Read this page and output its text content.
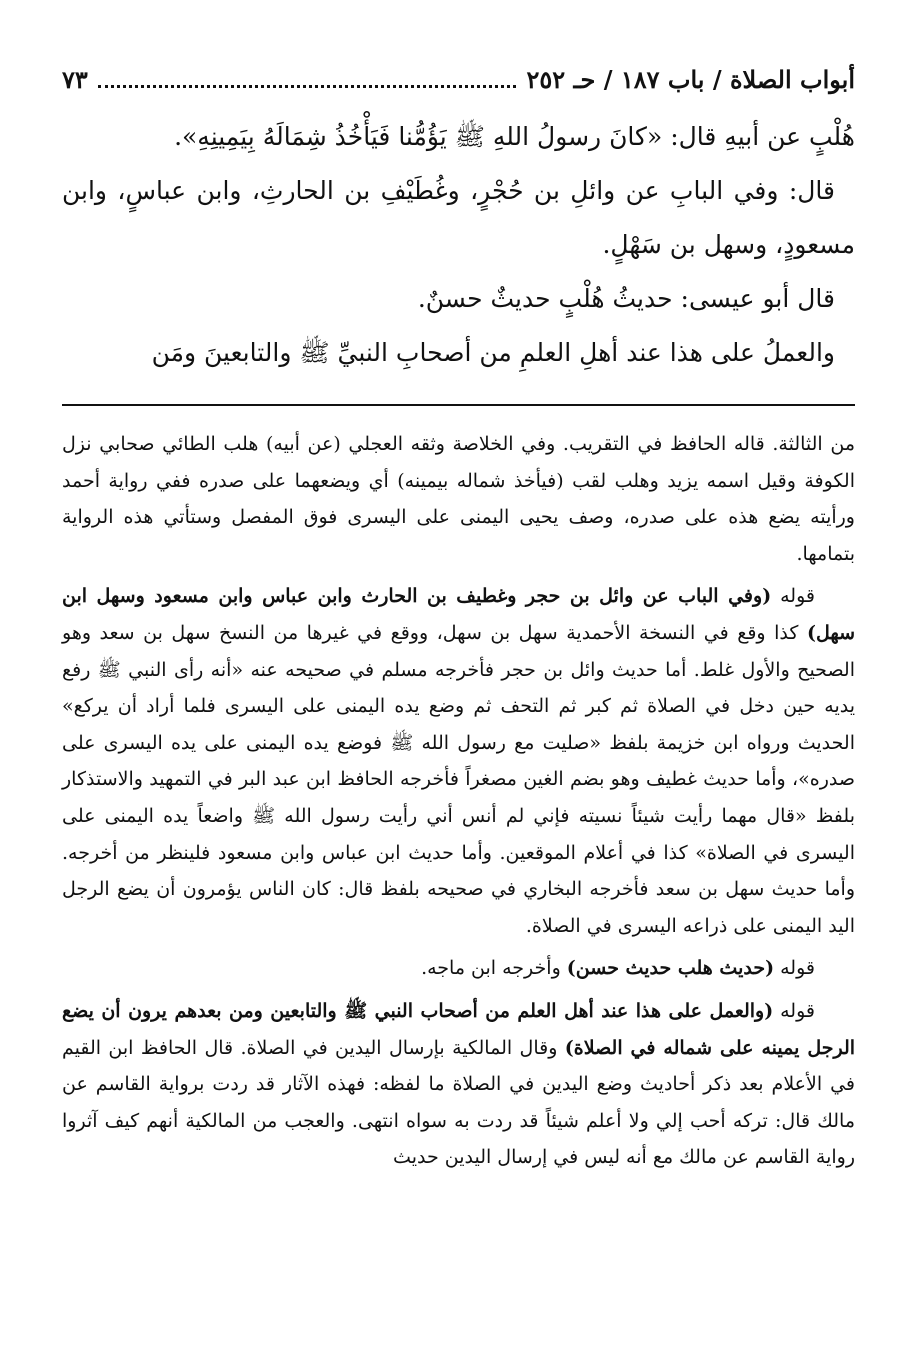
أبواب الصلاة / باب ١٨٧ / حـ ٢٥٢
٧٣

هُلْبٍ عن أبيهِ قال: «كانَ رسولُ اللهِ ﷺ يَؤُمُّنا فَيَأْخُذُ شِمَالَهُ بِيَمِينِهِ».

قال: وفي البابِ عن وائلِ بن حُجْرٍ، وغُطَيْفِ بن الحارثِ، وابن عباسٍ، وابن مسعودٍ، وسهل بن سَهْلٍ.

قال أبو عيسى: حديثُ هُلْبٍ حديثٌ حسنٌ.

والعملُ على هذا عند أهلِ العلمِ من أصحابِ النبيِّ ﷺ والتابعينَ ومَن

من الثالثة. قاله الحافظ في التقريب. وفي الخلاصة وثقه العجلي (عن أبيه) هلب الطائي صحابي نزل الكوفة وقيل اسمه يزيد وهلب لقب (فيأخذ شماله بيمينه) أي ويضعهما على صدره ففي رواية أحمد ورأيته يضع هذه على صدره، وصف يحيى اليمنى على اليسرى فوق المفصل وستأتي هذه الرواية بتمامها.

قوله (وفي الباب عن وائل بن حجر وغطيف بن الحارث وابن عباس وابن مسعود وسهل ابن سهل) كذا وقع في النسخة الأحمدية سهل بن سهل، ووقع في غيرها من النسخ سهل بن سعد وهو الصحيح والأول غلط. أما حديث وائل بن حجر فأخرجه مسلم في صحيحه عنه «أنه رأى النبي ﷺ رفع يديه حين دخل في الصلاة ثم كبر ثم التحف ثم وضع يده اليمنى على اليسرى فلما أراد أن يركع» الحديث ورواه ابن خزيمة بلفظ «صليت مع رسول الله ﷺ فوضع يده اليمنى على يده اليسرى على صدره»، وأما حديث غطيف وهو بضم الغين مصغراً فأخرجه الحافظ ابن عبد البر في التمهيد والاستذكار بلفظ «قال مهما رأيت شيئاً نسيته فإني لم أنس أني رأيت رسول الله ﷺ واضعاً يده اليمنى على اليسرى في الصلاة» كذا في أعلام الموقعين. وأما حديث ابن عباس وابن مسعود فلينظر من أخرجه. وأما حديث سهل بن سعد فأخرجه البخاري في صحيحه بلفظ قال: كان الناس يؤمرون أن يضع الرجل اليد اليمنى على ذراعه اليسرى في الصلاة.

قوله (حديث هلب حديث حسن) وأخرجه ابن ماجه.

قوله (والعمل على هذا عند أهل العلم من أصحاب النبي ﷺ والتابعين ومن بعدهم يرون أن يضع الرجل يمينه على شماله في الصلاة) وقال المالكية بإرسال اليدين في الصلاة. قال الحافظ ابن القيم في الأعلام بعد ذكر أحاديث وضع اليدين في الصلاة ما لفظه: فهذه الآثار قد ردت برواية القاسم عن مالك قال: تركه أحب إلي ولا أعلم شيئاً قد ردت به سواه انتهى. والعجب من المالكية أنهم كيف آثروا رواية القاسم عن مالك مع أنه ليس في إرسال اليدين حديث
